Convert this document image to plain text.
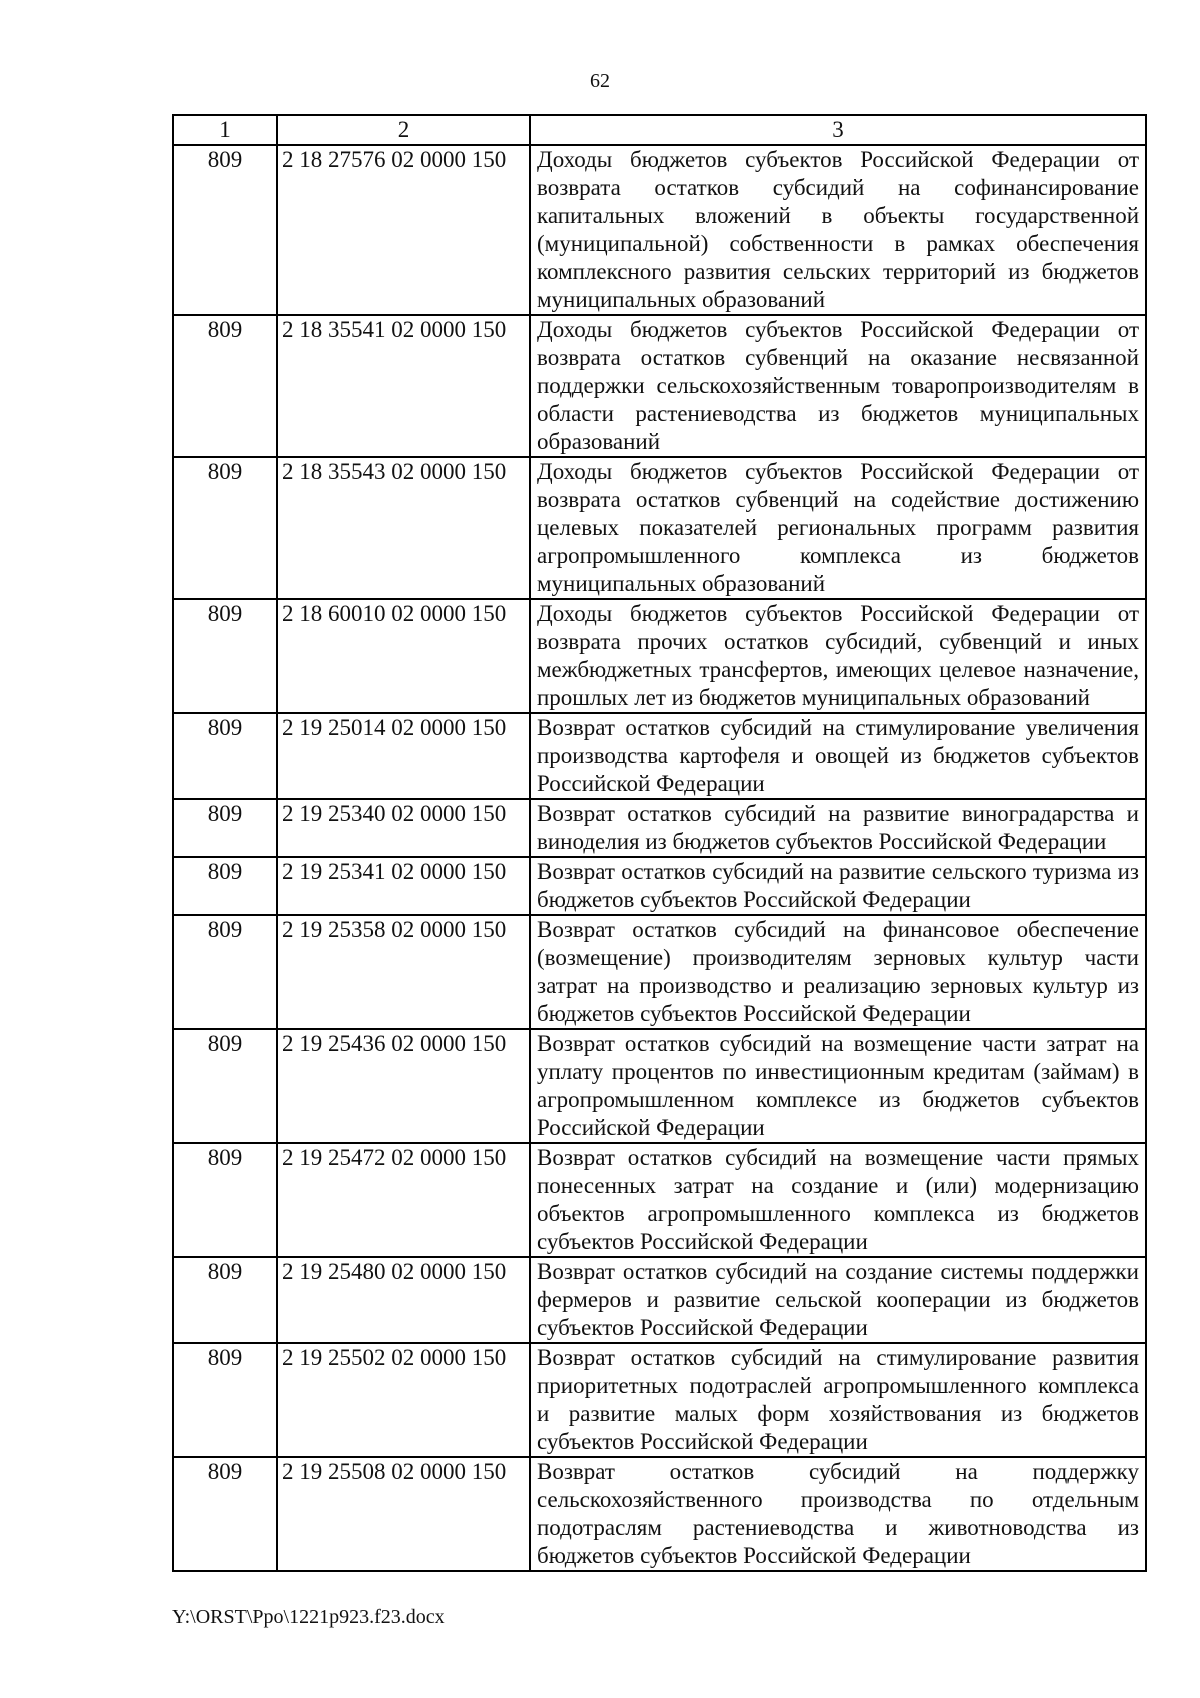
62
1	2	3
809	2 18 27576 02 0000 150	Доходы бюджетов субъектов Российской Федерации от возврата остатков субсидий на софинансирование капитальных вложений в объекты государственной (муниципальной) собственности в рамках обеспечения комплексного развития сельских территорий из бюджетов муниципальных образований
809	2 18 35541 02 0000 150	Доходы бюджетов субъектов Российской Федерации от возврата остатков субвенций на оказание несвязанной поддержки сельскохозяйственным товаропроизводителям в области растениеводства из бюджетов муниципальных образований
809	2 18 35543 02 0000 150	Доходы бюджетов субъектов Российской Федерации от возврата остатков субвенций на содействие достижению целевых показателей региональных программ развития агропромышленного комплекса из бюджетов муниципальных образований
809	2 18 60010 02 0000 150	Доходы бюджетов субъектов Российской Федерации от возврата прочих остатков субсидий, субвенций и иных межбюджетных трансфертов, имеющих целевое назначение, прошлых лет из бюджетов муниципальных образований
809	2 19 25014 02 0000 150	Возврат остатков субсидий на стимулирование увеличения производства картофеля и овощей из бюджетов субъектов Российской Федерации
809	2 19 25340 02 0000 150	Возврат остатков субсидий на развитие виноградарства и виноделия из бюджетов субъектов Российской Федерации
809	2 19 25341 02 0000 150	Возврат остатков субсидий на развитие сельского туризма из бюджетов субъектов Российской Федерации
809	2 19 25358 02 0000 150	Возврат остатков субсидий на финансовое обеспечение (возмещение) производителям зерновых культур части затрат на производство и реализацию зерновых культур из бюджетов субъектов Российской Федерации
809	2 19 25436 02 0000 150	Возврат остатков субсидий на возмещение части затрат на уплату процентов по инвестиционным кредитам (займам) в агропромышленном комплексе из бюджетов субъектов Российской Федерации
809	2 19 25472 02 0000 150	Возврат остатков субсидий на возмещение части прямых понесенных затрат на создание и (или) модернизацию объектов агропромышленного комплекса из бюджетов субъектов Российской Федерации
809	2 19 25480 02 0000 150	Возврат остатков субсидий на создание системы поддержки фермеров и развитие сельской кооперации из бюджетов субъектов Российской Федерации
809	2 19 25502 02 0000 150	Возврат остатков субсидий на стимулирование развития приоритетных подотраслей агропромышленного комплекса и развитие малых форм хозяйствования из бюджетов субъектов Российской Федерации
809	2 19 25508 02 0000 150	Возврат остатков субсидий на поддержку сельскохозяйственного производства по отдельным подотраслям растениеводства и животноводства из бюджетов субъектов Российской Федерации
Y:\ORST\Ppo\1221p923.f23.docx
